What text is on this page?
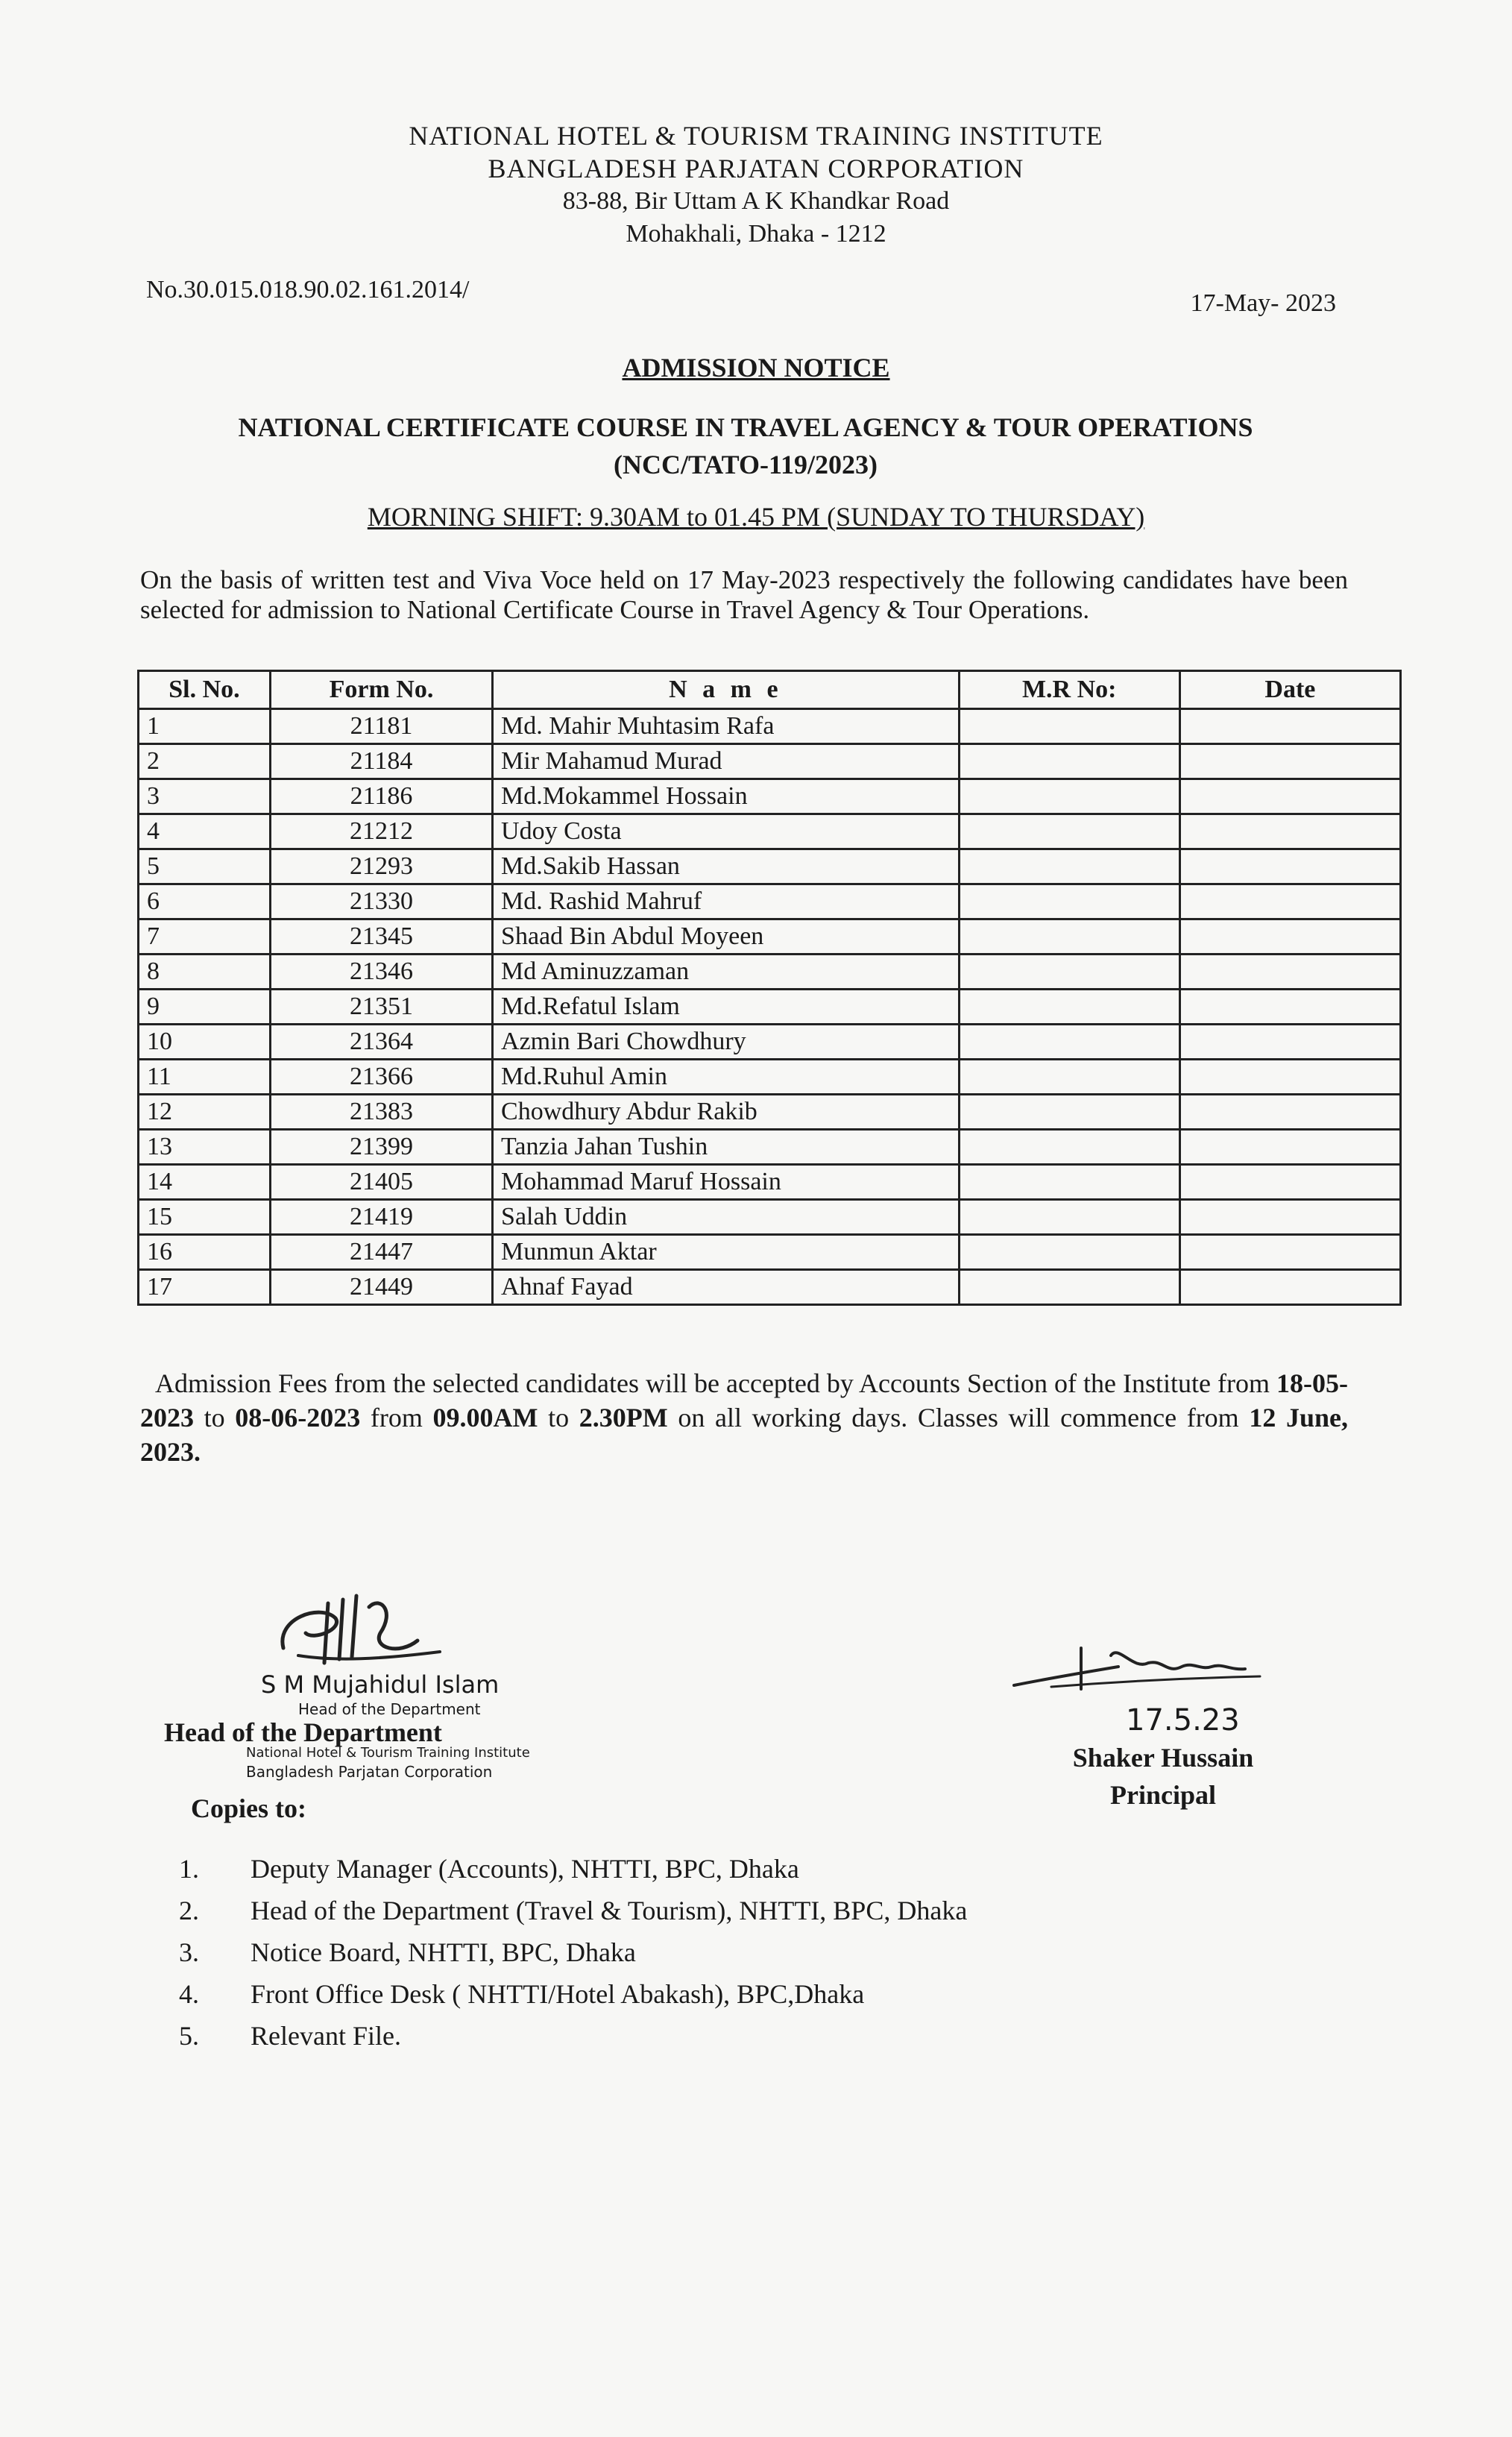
NATIONAL HOTEL & TOURISM TRAINING INSTITUTE
BANGLADESH PARJATAN CORPORATION
83-88, Bir Uttam A K Khandkar Road
Mohakhali, Dhaka - 1212
No.30.015.018.90.02.161.2014/	17-May- 2023
ADMISSION NOTICE
NATIONAL CERTIFICATE COURSE IN TRAVEL AGENCY & TOUR OPERATIONS
(NCC/TATO-119/2023)
MORNING SHIFT: 9.30AM to 01.45 PM (SUNDAY TO THURSDAY)
On the basis of written test and Viva Voce held on 17 May-2023 respectively the following candidates have been selected for admission to National Certificate Course in Travel Agency & Tour Operations.
Sl. No.	Form No.	N a m e	M.R No:	Date
1	21181	Md. Mahir Muhtasim Rafa		
2	21184	Mir Mahamud Murad		
3	21186	Md.Mokammel Hossain		
4	21212	Udoy Costa		
5	21293	Md.Sakib Hassan		
6	21330	Md. Rashid Mahruf		
7	21345	Shaad Bin Abdul Moyeen		
8	21346	Md Aminuzzaman		
9	21351	Md.Refatul Islam		
10	21364	Azmin Bari Chowdhury		
11	21366	Md.Ruhul Amin		
12	21383	Chowdhury Abdur Rakib		
13	21399	Tanzia Jahan Tushin		
14	21405	Mohammad Maruf Hossain		
15	21419	Salah Uddin		
16	21447	Munmun Aktar		
17	21449	Ahnaf Fayad		
Admission Fees from the selected candidates will be accepted by Accounts Section of the Institute from 18-05-2023 to 08-06-2023 from 09.00AM to 2.30PM on all working days. Classes will commence from 12 June, 2023.
S M Mujahidul Islam
Head of the Department
National Hotel & Tourism Training Institute
Bangladesh Parjatan Corporation
Head of the Department	17.5.23
Shaker Hussain
Principal
Copies to:
1.	Deputy Manager (Accounts), NHTTI, BPC, Dhaka
2.	Head of the Department (Travel & Tourism), NHTTI, BPC, Dhaka
3.	Notice Board, NHTTI, BPC, Dhaka
4.	Front Office Desk ( NHTTI/Hotel Abakash), BPC,Dhaka
5.	Relevant File.
